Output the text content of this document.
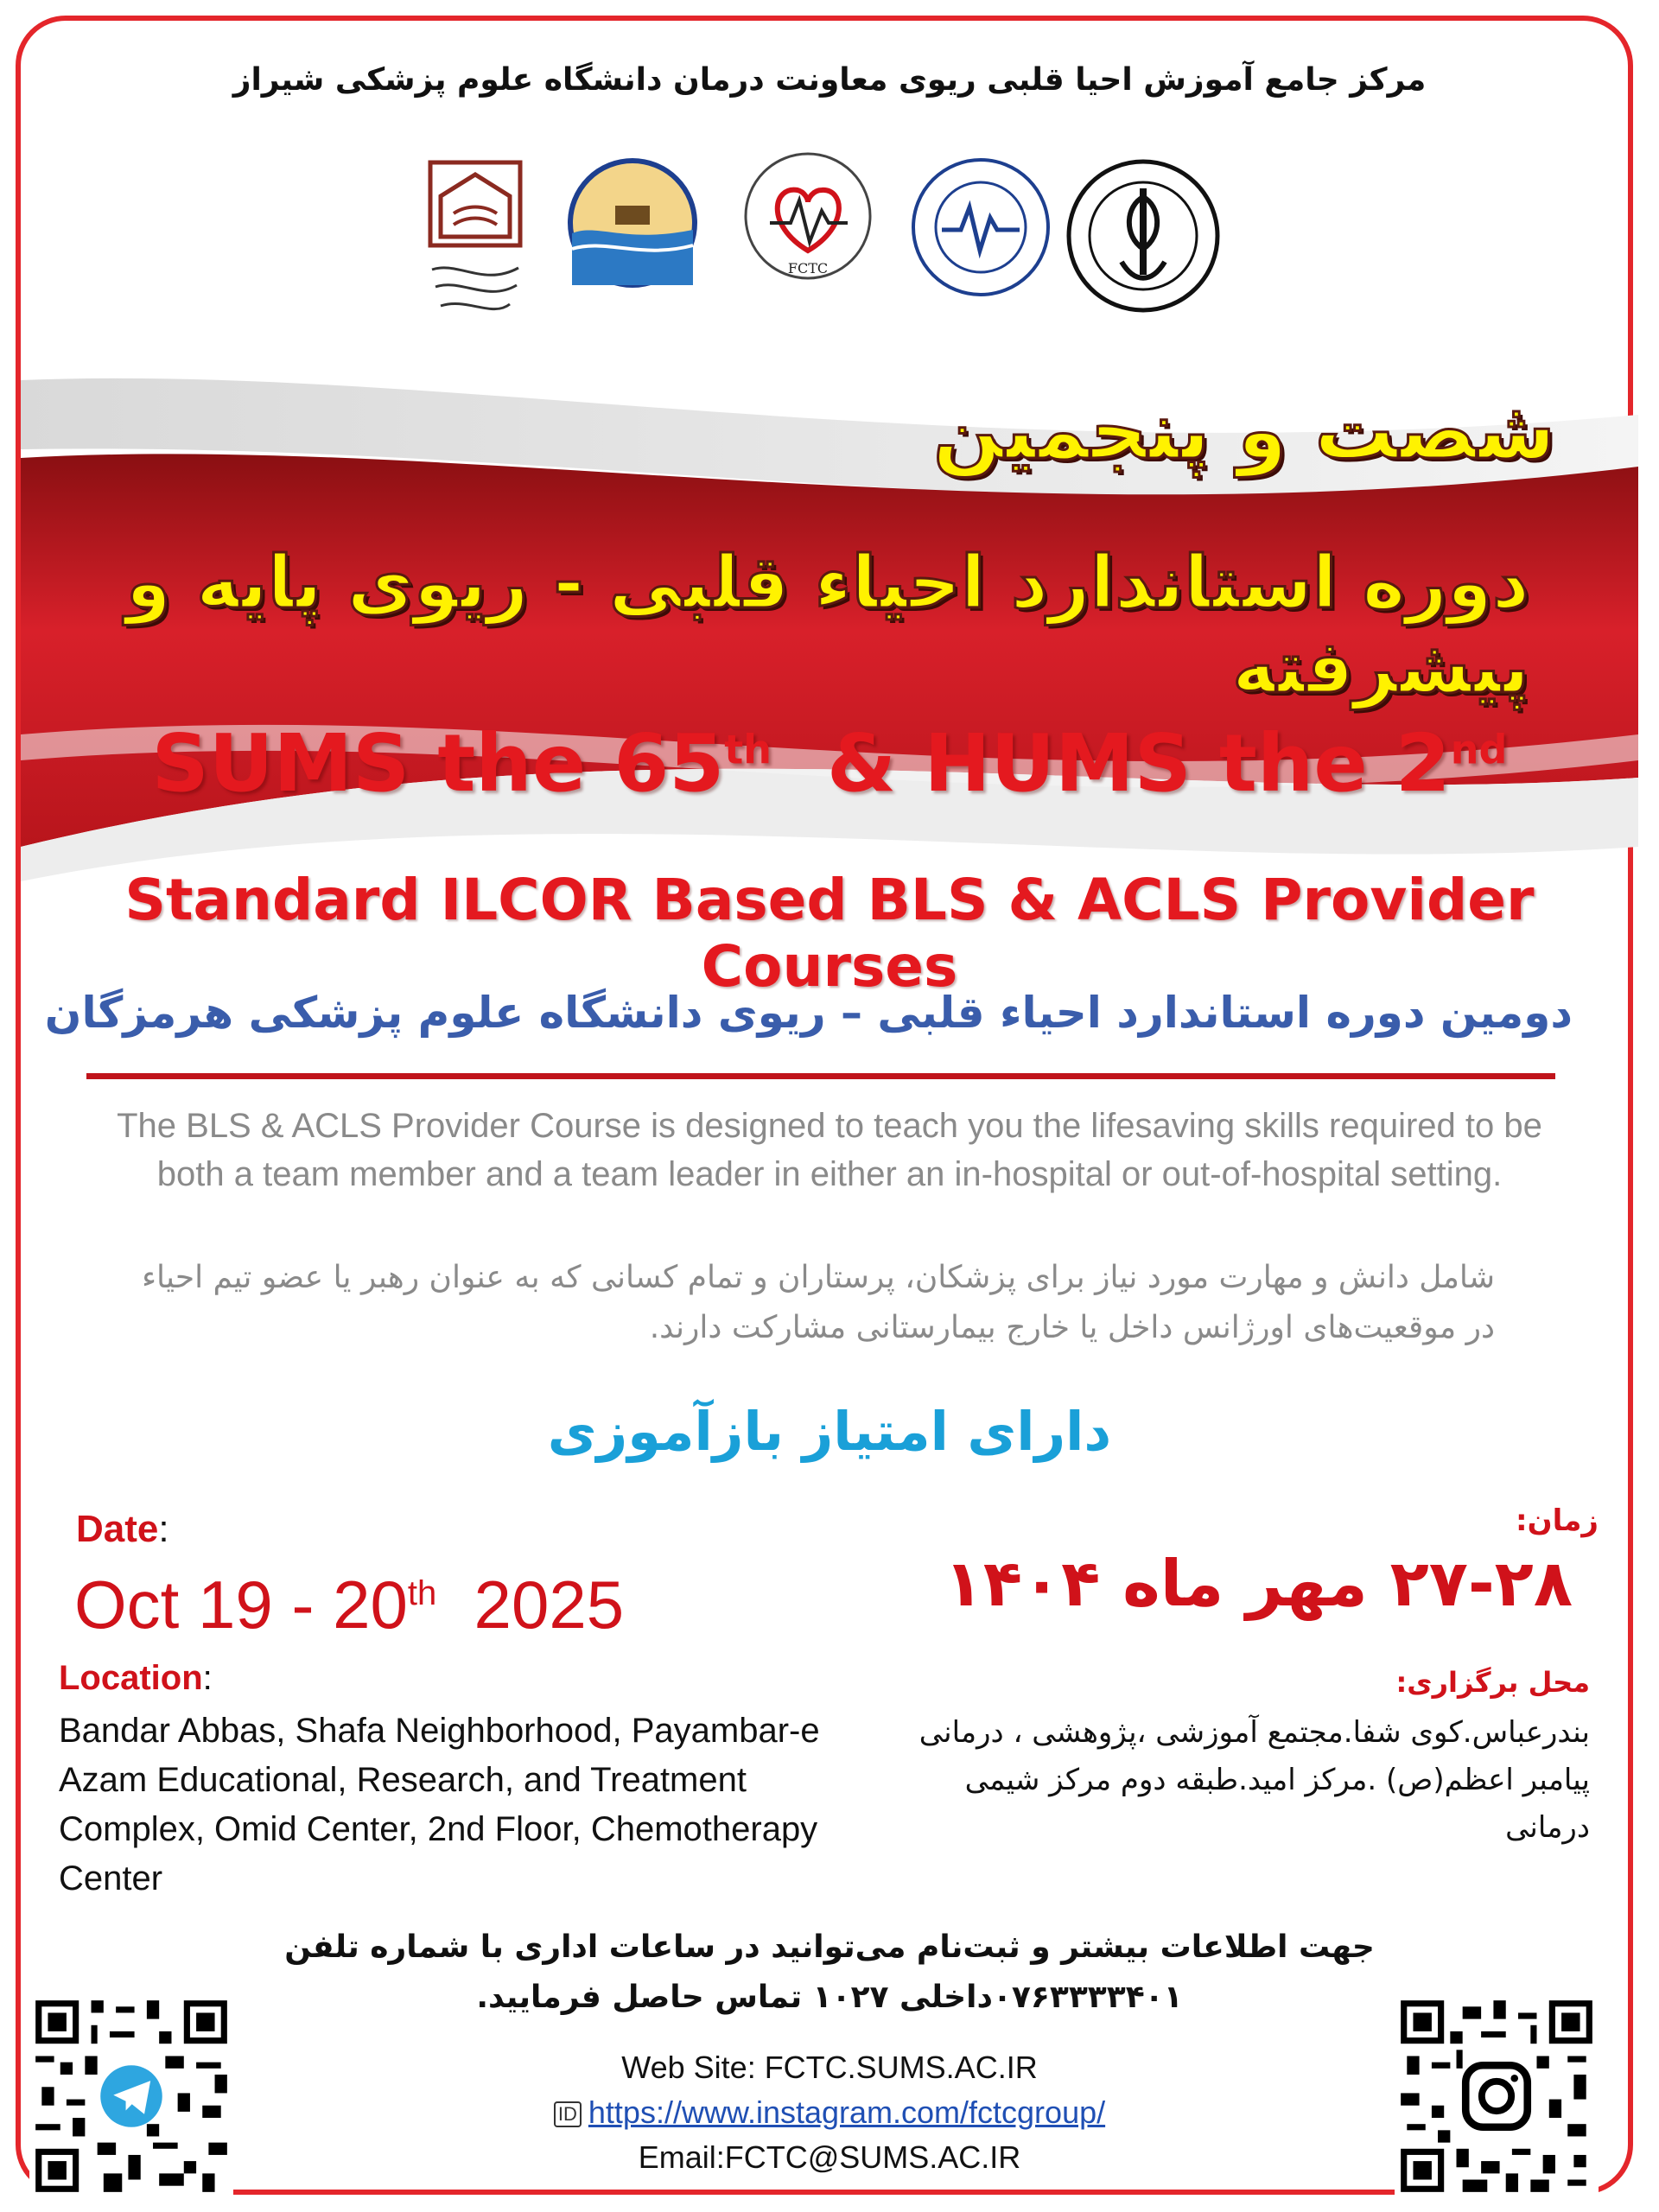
مرکز جامع آموزش احیا قلبی ریوی معاونت درمان دانشگاه علوم پزشکی شیراز
FCTC
شصت و پنجمین
دوره استاندارد احیاء قلبی - ریوی پایه و پیشرفته
SUMS the 65th  & HUMS the 2nd
Standard ILCOR Based BLS & ACLS Provider Courses
دومین دوره استاندارد احیاء قلبی – ریوی دانشگاه علوم پزشکی هرمزگان
The BLS & ACLS Provider Course is designed to teach you the lifesaving skills required to be both a team member and a team leader in either an in-hospital or out-of-hospital setting.
شامل دانش و مهارت مورد نیاز برای پزشکان، پرستاران و تمام کسانی که به عنوان رهبر یا عضو تیم احیاء در موقعیت‌های اورژانس داخل یا خارج بیمارستانی مشارکت دارند.
دارای امتیاز بازآموزی
Date:
Oct 19 - 20th  2025
زمان:
۲۷-۲۸ مهر ماه ۱۴۰۴
Location:
Bandar Abbas, Shafa Neighborhood, Payambar-e Azam Educational, Research, and Treatment Complex, Omid Center, 2nd Floor, Chemotherapy Center
محل برگزاری:
بندرعباس.کوی شفا.مجتمع آموزشی ،پژوهشی ، درمانی پیامبر اعظم(ص) .مرکز امید.طبقه دوم مرکز شیمی درمانی
جهت اطلاعات بیشتر و ثبت‌نام می‌توانید در ساعات اداری با شماره تلفن ۰۷۶۳۳۳۳۴۰۱داخلی ۱۰۲۷ تماس حاصل فرمایید.
Web Site: FCTC.SUMS.AC.IR
ID https://www.instagram.com/fctcgroup/
Email:FCTC@SUMS.AC.IR
